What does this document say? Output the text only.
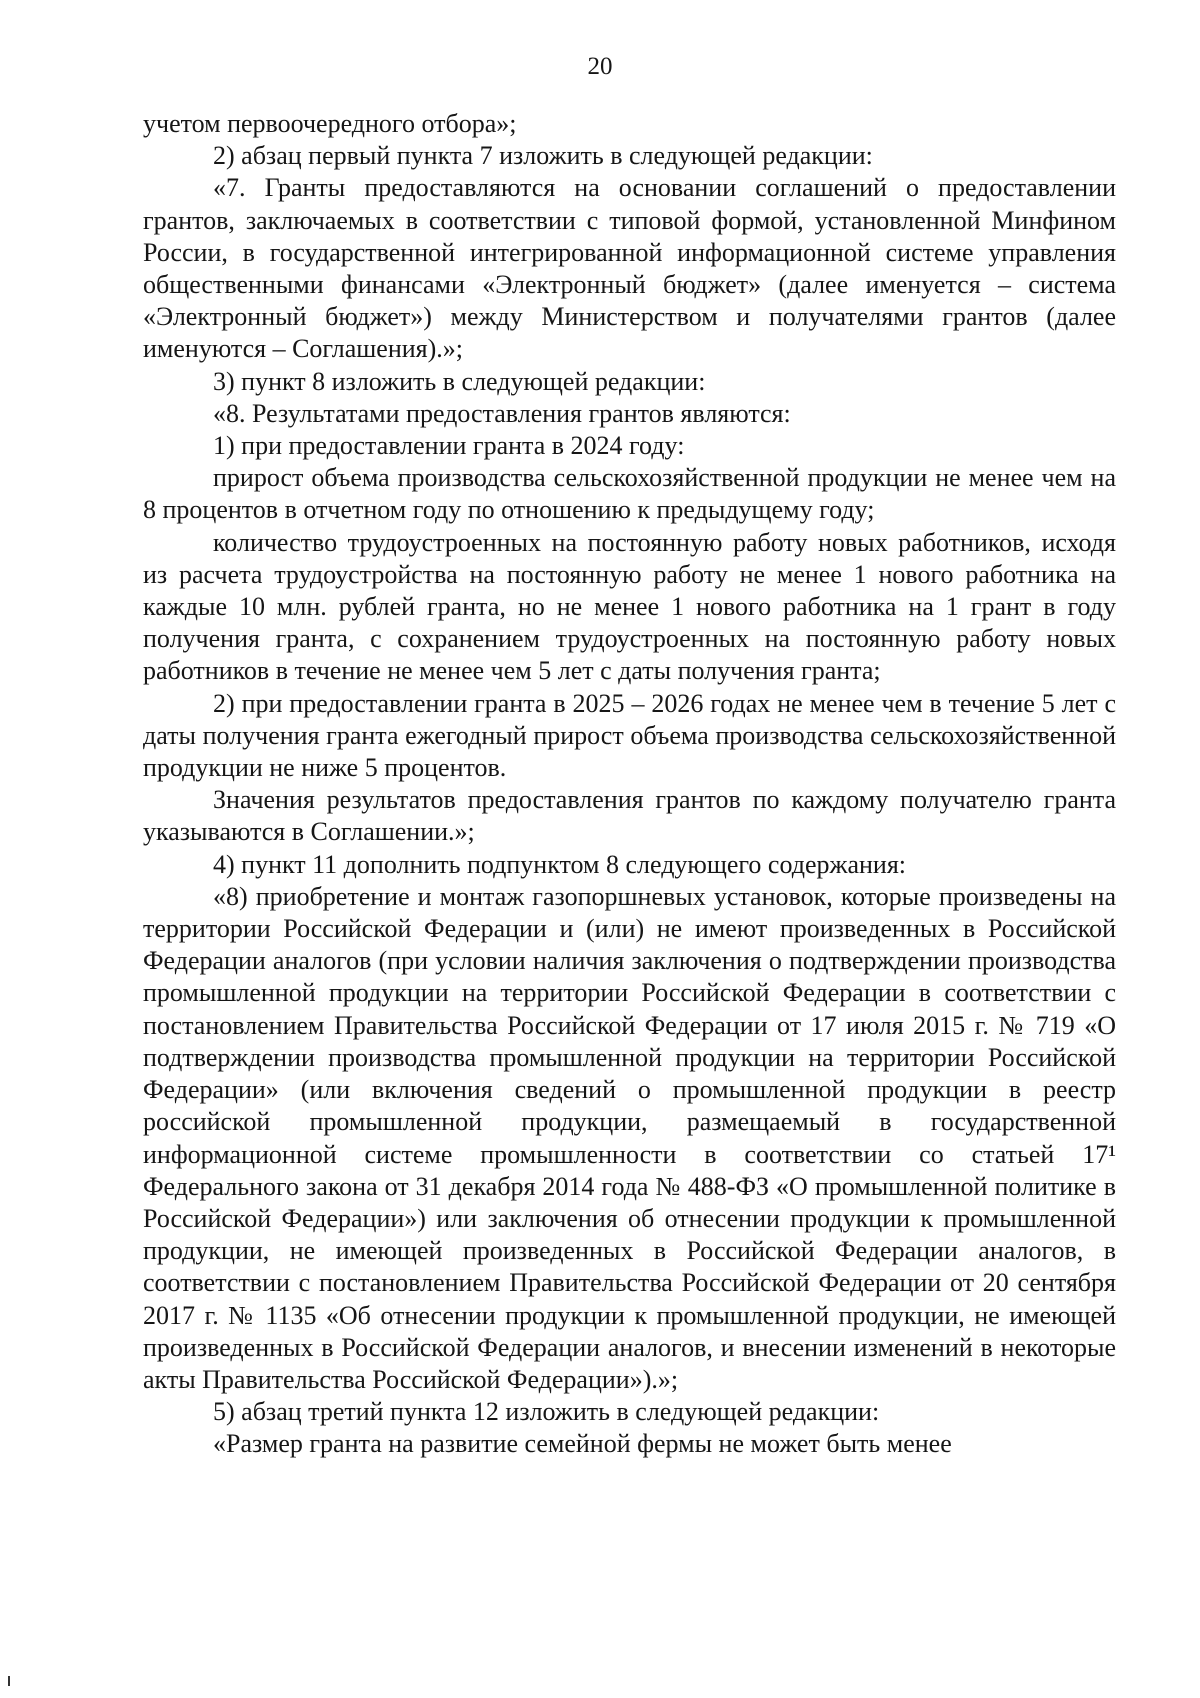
20

учетом первоочередного отбора»;

2) абзац первый пункта 7 изложить в следующей редакции:

«7. Гранты предоставляются на основании соглашений о предоставлении грантов, заключаемых в соответствии с типовой формой, установленной Минфином России, в государственной интегрированной информационной системе управления общественными финансами «Электронный бюджет» (далее именуется – система «Электронный бюджет») между Министерством и получателями грантов (далее именуются – Соглашения).»;

3) пункт 8 изложить в следующей редакции:

«8. Результатами предоставления грантов являются:

1) при предоставлении гранта в 2024 году:

прирост объема производства сельскохозяйственной продукции не менее чем на 8 процентов в отчетном году по отношению к предыдущему году;

количество трудоустроенных на постоянную работу новых работников, исходя из расчета трудоустройства на постоянную работу не менее 1 нового работника на каждые 10 млн. рублей гранта, но не менее 1 нового работника на 1 грант в году получения гранта, с сохранением трудоустроенных на постоянную работу новых работников в течение не менее чем 5 лет с даты получения гранта;

2) при предоставлении гранта в 2025 – 2026 годах не менее чем в течение 5 лет с даты получения гранта ежегодный прирост объема производства сельскохозяйственной продукции не ниже 5 процентов.

Значения результатов предоставления грантов по каждому получателю гранта указываются в Соглашении.»;

4) пункт 11 дополнить подпунктом 8 следующего содержания:

«8) приобретение и монтаж газопоршневых установок, которые произведены на территории Российской Федерации и (или) не имеют произведенных в Российской Федерации аналогов (при условии наличия заключения о подтверждении производства промышленной продукции на территории Российской Федерации в соответствии с постановлением Правительства Российской Федерации от 17 июля 2015 г. № 719 «О подтверждении производства промышленной продукции на территории Российской Федерации» (или включения сведений о промышленной продукции в реестр российской промышленной продукции, размещаемый в государственной информационной системе промышленности в соответствии со статьей 17¹ Федерального закона от 31 декабря 2014 года № 488-ФЗ «О промышленной политике в Российской Федерации») или заключения об отнесении продукции к промышленной продукции, не имеющей произведенных в Российской Федерации аналогов, в соответствии с постановлением Правительства Российской Федерации от 20 сентября 2017 г. № 1135 «Об отнесении продукции к промышленной продукции, не имеющей произведенных в Российской Федерации аналогов, и внесении изменений в некоторые акты Правительства Российской Федерации»).»;

5) абзац третий пункта 12 изложить в следующей редакции:

«Размер гранта на развитие семейной фермы не может быть менее
